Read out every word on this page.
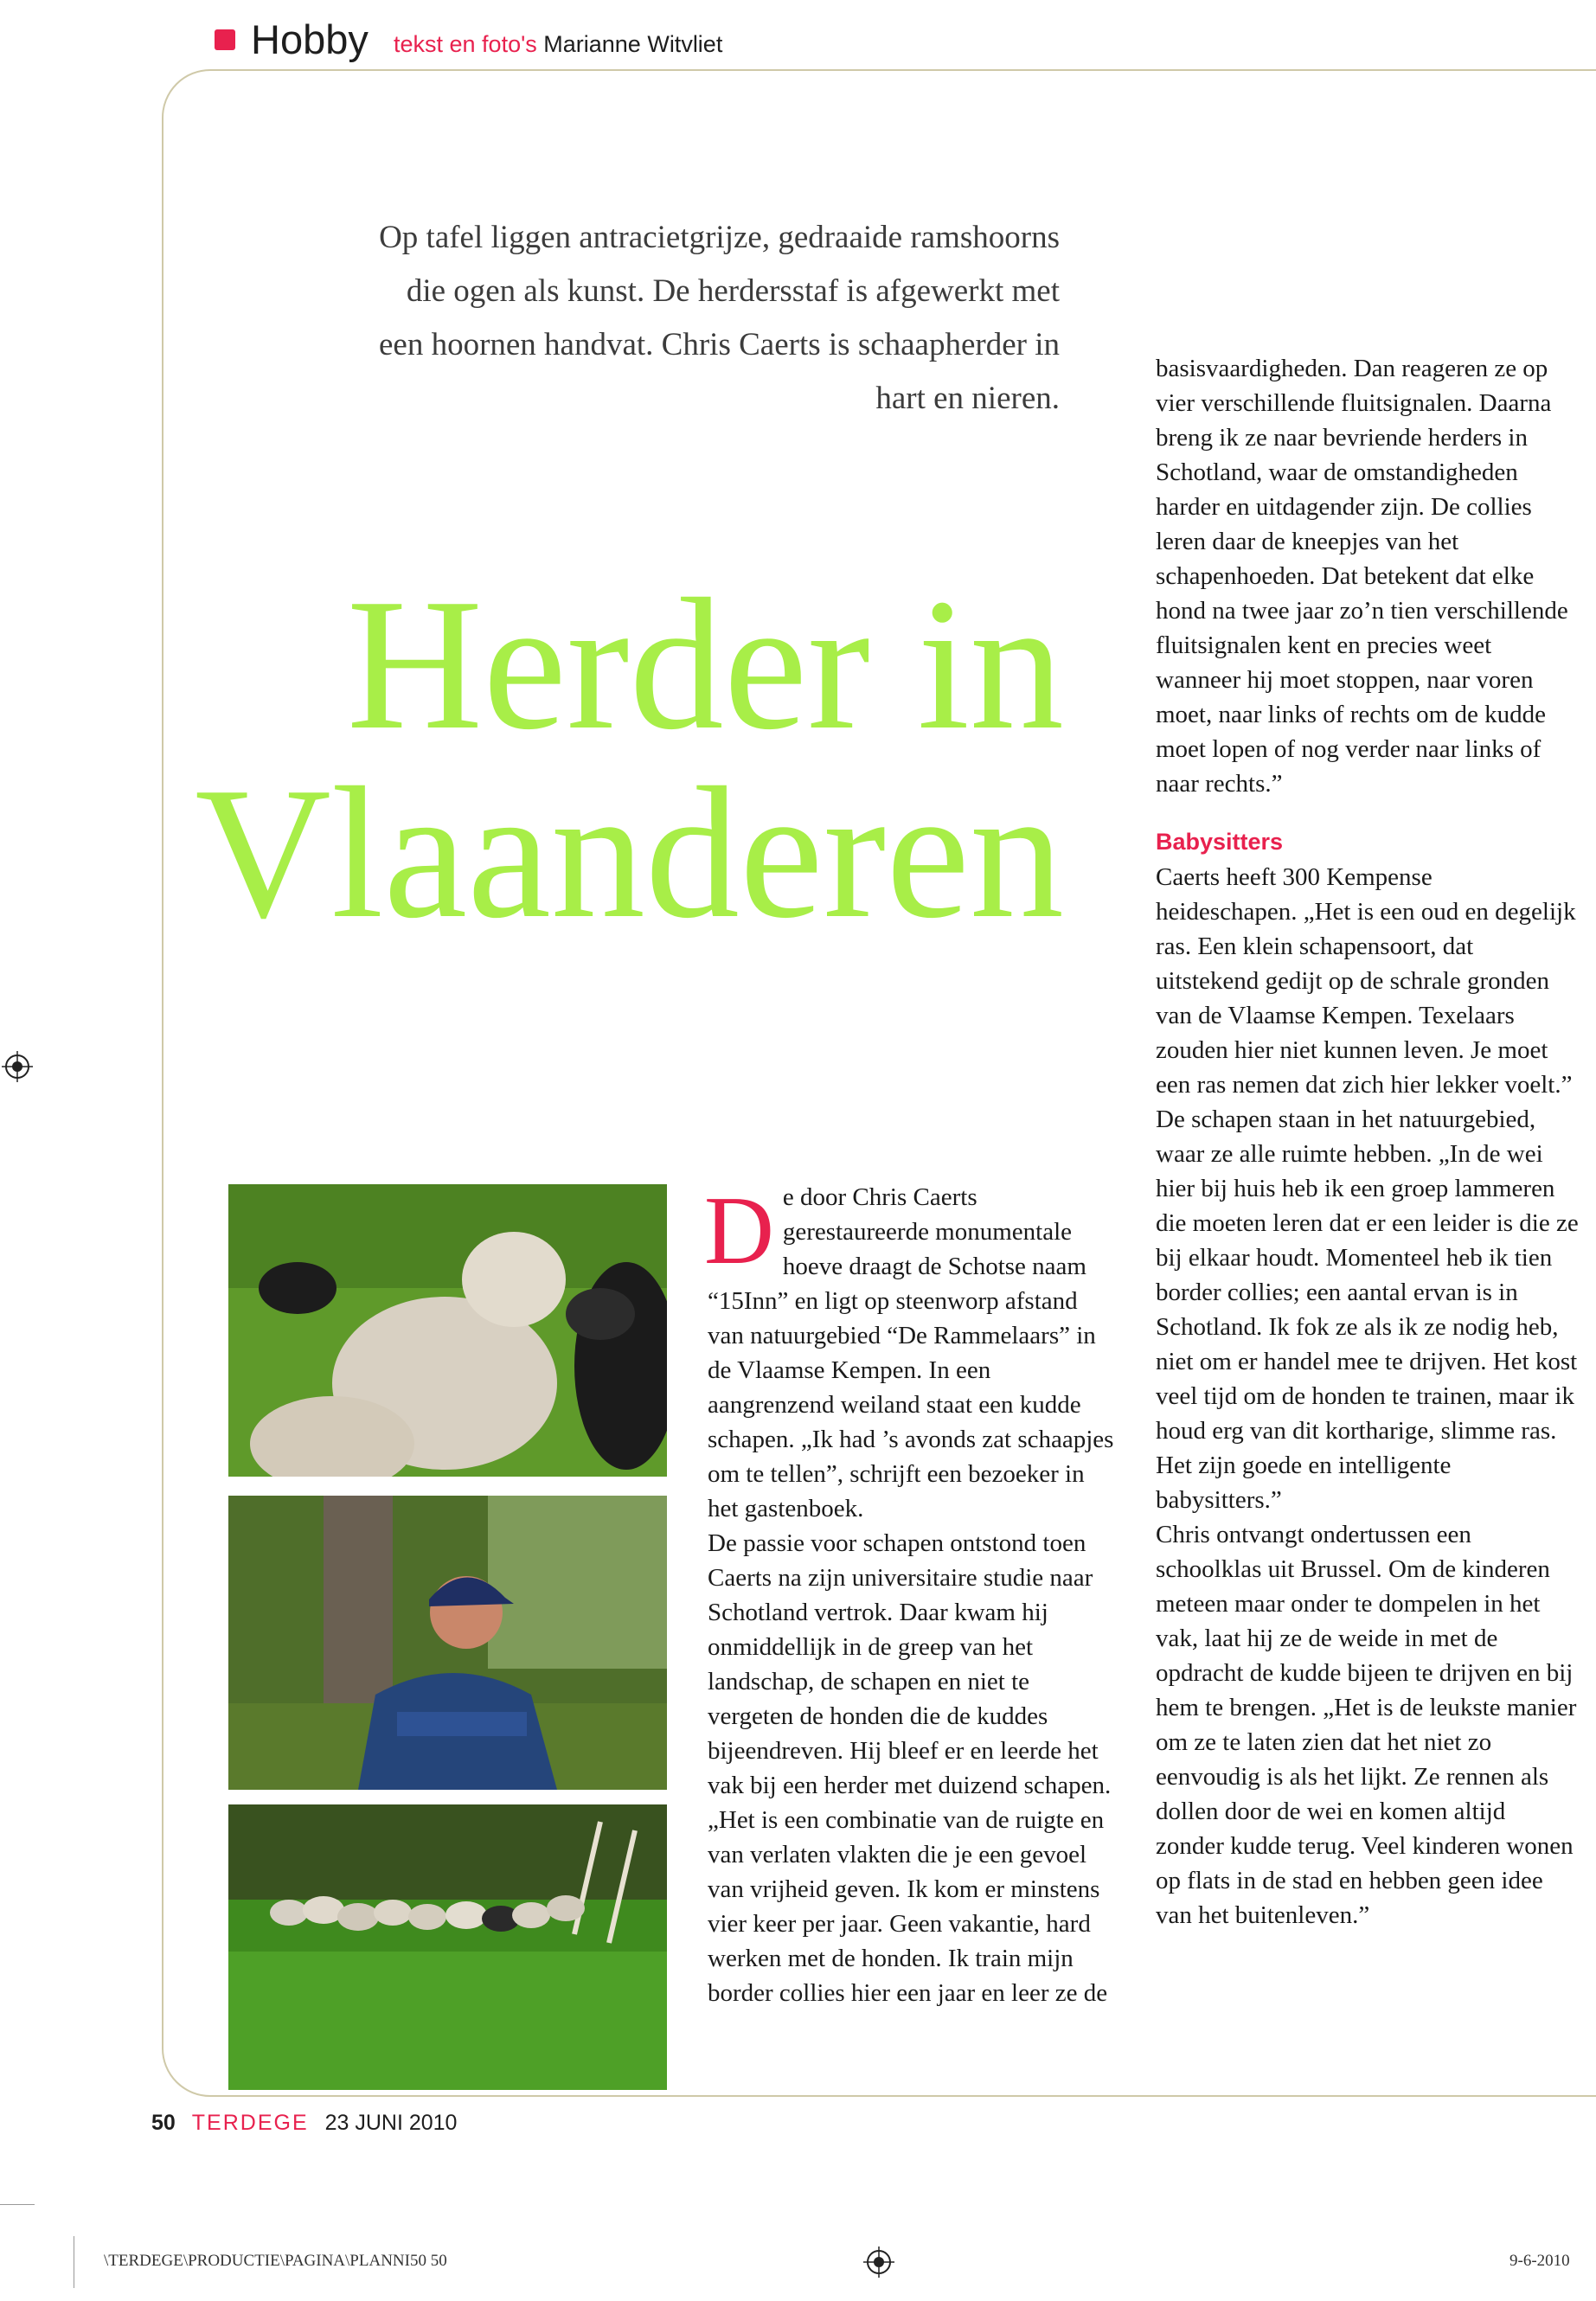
Hobby tekst en foto's Marianne Witvliet
Op tafel liggen antracietgrijze, gedraaide ramshoorns die ogen als kunst. De herdersstaf is afgewerkt met een hoornen handvat. Chris Caerts is schaapherder in hart en nieren.
Herder in
Vlaanderen

De door Chris Caerts gerestaureerde monumentale hoeve draagt de Schotse naam “15Inn” en ligt op steenworp afstand van natuurgebied “De Rammelaars” in de Vlaamse Kempen. In een aangrenzend weiland staat een kudde schapen. „Ik had ’s avonds zat schaapjes om te tellen”, schrijft een bezoeker in het gastenboek.

De passie voor schapen ontstond toen Caerts na zijn universitaire studie naar Schotland vertrok. Daar kwam hij onmiddellijk in de greep van het landschap, de schapen en niet te vergeten de honden die de kuddes bijeendreven. Hij bleef er en leerde het vak bij een herder met duizend schapen. „Het is een combinatie van de ruigte en van verlaten vlakten die je een gevoel van vrijheid geven. Ik kom er minstens vier keer per jaar. Geen vakantie, hard werken met de honden. Ik train mijn border collies hier een jaar en leer ze de

basisvaardigheden. Dan reageren ze op vier verschillende fluitsignalen. Daarna breng ik ze naar bevriende herders in Schotland, waar de omstandigheden harder en uitdagender zijn. De collies leren daar de kneepjes van het schapenhoeden. Dat betekent dat elke hond na twee jaar zo’n tien verschillende fluitsignalen kent en precies weet wanneer hij moet stoppen, naar voren moet, naar links of rechts om de kudde moet lopen of nog verder naar links of naar rechts.”

Babysitters

Caerts heeft 300 Kempense heideschapen. „Het is een oud en degelijk ras. Een klein schapensoort, dat uitstekend gedijt op de schrale gronden van de Vlaamse Kempen. Texelaars zouden hier niet kunnen leven. Je moet een ras nemen dat zich hier lekker voelt.”

De schapen staan in het natuurgebied, waar ze alle ruimte hebben. „In de wei hier bij huis heb ik een groep lammeren die moeten leren dat er een leider is die ze bij elkaar houdt. Momenteel heb ik tien border collies; een aantal ervan is in Schotland. Ik fok ze als ik ze nodig heb, niet om er handel mee te drijven. Het kost veel tijd om de honden te trainen, maar ik houd erg van dit kortharige, slimme ras. Het zijn goede en intelligente babysitters.”

Chris ontvangt ondertussen een schoolklas uit Brussel. Om de kinderen meteen maar onder te dompelen in het vak, laat hij ze de weide in met de opdracht de kudde bijeen te drijven en bij hem te brengen. „Het is de leukste manier om ze te laten zien dat het niet zo eenvoudig is als het lijkt. Ze rennen als dollen door de wei en komen altijd zonder kudde terug. Veel kinderen wonen op flats in de stad en hebben geen idee van het buitenleven.”

50 TERDEGE 23 JUNI 2010
\TERDEGE\PRODUCTIE\PAGINA\PLANNI50 50	9-6-2010
